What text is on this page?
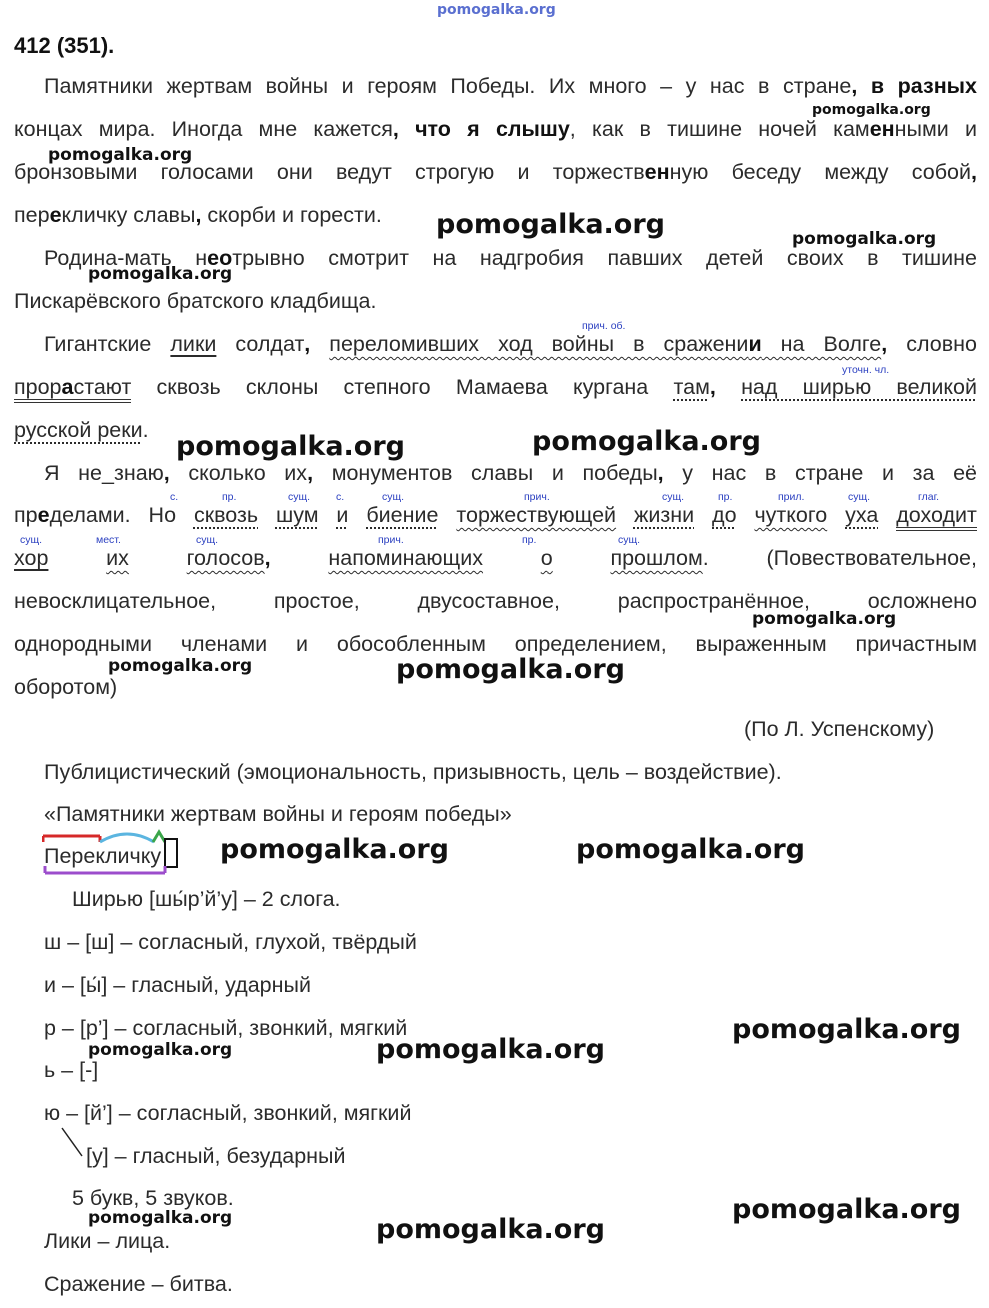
pomogalka.org
pomogalka.org
pomogalka.org
pomogalka.org	pomogalka.org
pomogalka.org
pomogalka.org	pomogalka.org
pomogalka.org
pomogalka.org	pomogalka.org
pomogalka.org	pomogalka.org
pomogalka.org
pomogalka.org	pomogalka.org
pomogalka.org
pomogalka.org	pomogalka.org
412 (351).
Памятники жертвам войны и героям Победы. Их много – у нас в стране, в разных
концах мира. Иногда мне кажется, что я слышу, как в тишине ночей каменными и
бронзовыми голосами они ведут строгую и торжественную беседу между собой,
перекличку славы, скорби и горести.
Родина-мать неотрывно смотрит на надгробия павших детей своих в тишине
Пискарёвского братского кладбища.
прич. об.
уточн. чл.
Гигантские лики солдат, переломивших ход войны в сражении на Волге, словно
прорастают сквозь склоны степного Мамаева кургана там, над ширью великой
русской реки.
Я не_знаю, сколько их, монументов славы и победы, у нас в стране и за её
с.	пр.	сущ. с.	сущ.	прич.	сущ.	пр.	прил.	сущ.	глаг.
пределами. Но сквозь шум и биение торжествующей жизни до чуткого уха доходит
сущ.	мест.	сущ.	прич.	пр.	сущ.
хор	их	голосов,	напоминающих	о	прошлом. (Повествовательное,
невосклицательное, простое, двусоставное, распространённое, осложнено
однородными членами и обособленным определением, выраженным причастным
оборотом)
(По Л. Успенскому)
Публицистический (эмоциональность, призывность, цель – воздействие).
«Памятники жертвам войны и героям победы»
Перекличку
Ширью [шы́р’й’у] – 2 слога.
ш – [ш] – согласный, глухой, твёрдый
и – [ы́] – гласный, ударный
р – [р’] – согласный, звонкий, мягкий
ь – [-]
ю – [й’] – согласный, звонкий, мягкий
[у] – гласный, безударный
5 букв, 5 звуков.
Лики – лица.
Сражение – битва.
